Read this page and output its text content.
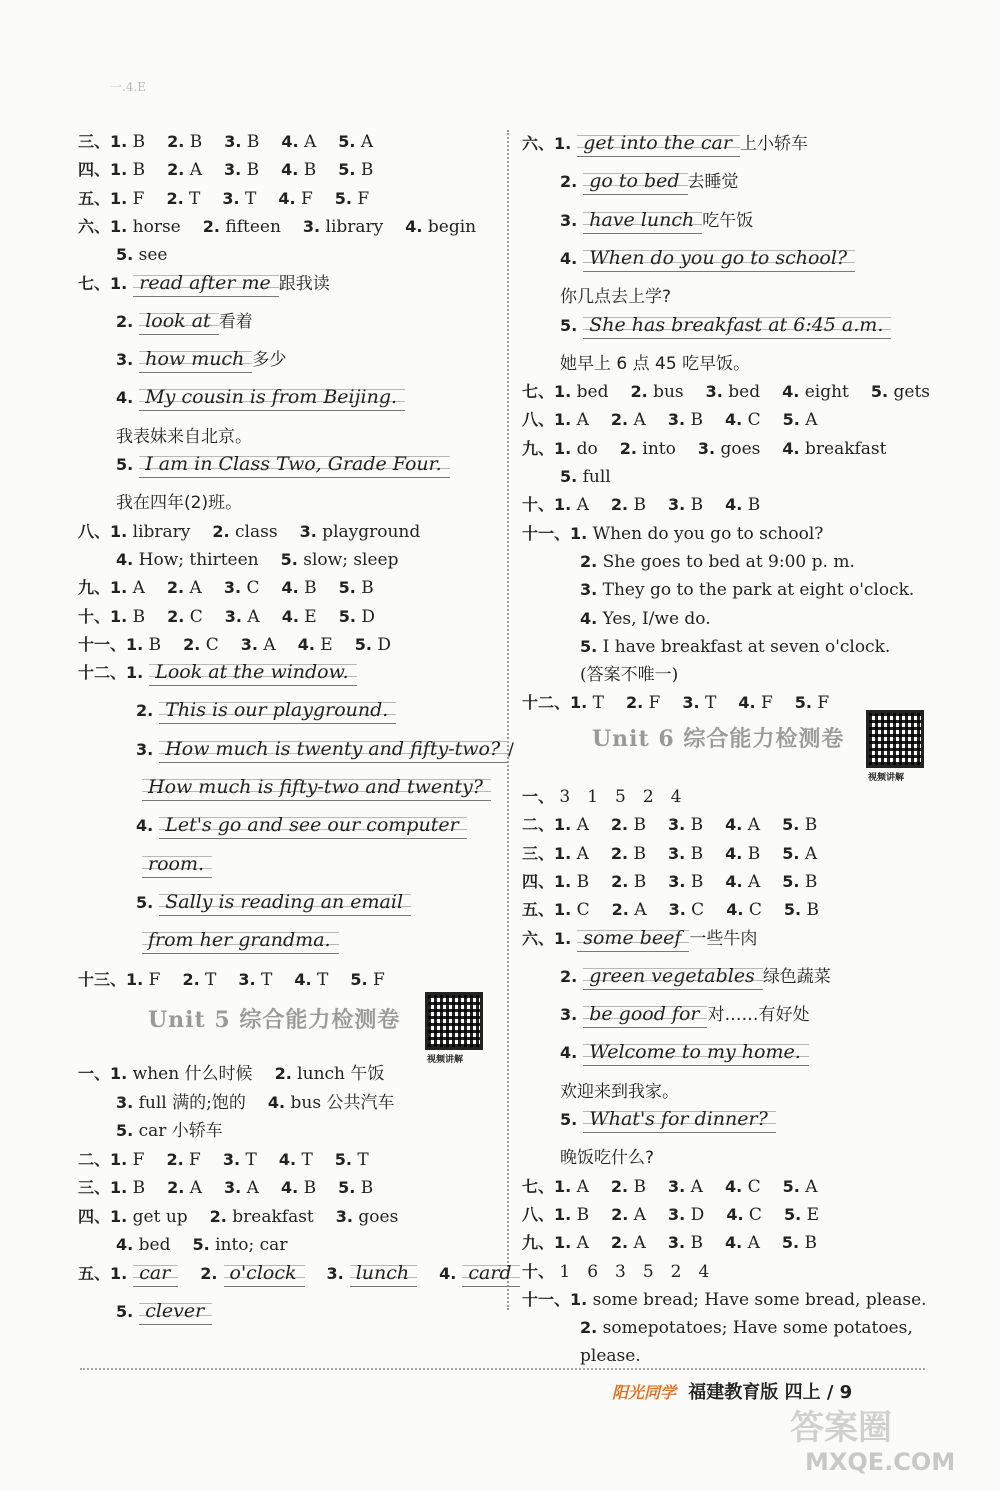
一.4.E
三、1. B 2. B 3. B 4. A 5. A
四、1. B 2. A 3. B 4. B 5. B
五、1. F 2. T 3. T 4. F 5. F
六、1. horse 2. fifteen 3. library 4. begin
5. see
七、1. read after me 跟我读
2. look at 看着
3. how much 多少
4. My cousin is from Beijing.
我表妹来自北京。
5. I am in Class Two, Grade Four.
我在四年(2)班。
八、1. library 2. class 3. playground
4. How; thirteen 5. slow; sleep
九、1. A 2. A 3. C 4. B 5. B
十、1. B 2. C 3. A 4. E 5. D
十一、1. B 2. C 3. A 4. E 5. D
十二、1. Look at the window.
2. This is our playground.
3. How much is twenty and fifty-two? /
How much is fifty-two and twenty?
4. Let's go and see our computer
room.
5. Sally is reading an email
from her grandma.
十三、1. F 2. T 3. T 4. T 5. F
一、1. when 什么时候 2. lunch 午饭
3. full 满的;饱的 4. bus 公共汽车
5. car 小轿车
二、1. F 2. F 3. T 4. T 5. T
三、1. B 2. A 3. A 4. B 5. B
四、1. get up 2. breakfast 3. goes
4. bed 5. into; car
五、1. car 2. o'clock 3. lunch 4. card
5. clever
六、1. get into the car 上小轿车
2. go to bed 去睡觉
3. have lunch 吃午饭
4. When do you go to school?
你几点去上学?
5. She has breakfast at 6:45 a.m.
她早上 6 点 45 吃早饭。
七、1. bed 2. bus 3. bed 4. eight 5. gets
八、1. A 2. A 3. B 4. C 5. A
九、1. do 2. into 3. goes 4. breakfast
5. full
十、1. A 2. B 3. B 4. B
十一、1. When do you go to school?
2. She goes to bed at 9:00 p. m.
3. They go to the park at eight o'clock.
4. Yes, I/we do.
5. I have breakfast at seven o'clock.
(答案不唯一)
十二、1. T 2. F 3. T 4. F 5. F
一、 3　1　5　2　4
二、1. A 2. B 3. B 4. A 5. B
三、1. A 2. B 3. B 4. B 5. A
四、1. B 2. B 3. B 4. A 5. B
五、1. C 2. A 3. C 4. C 5. B
六、1. some beef 一些牛肉
2. green vegetables 绿色蔬菜
3. be good for 对……有好处
4. Welcome to my home.
欢迎来到我家。
5. What's for dinner?
晚饭吃什么?
七、1. A 2. B 3. A 4. C 5. A
八、1. B 2. A 3. D 4. C 5. E
九、1. A 2. A 3. B 4. A 5. B
十、 1　6　3　5　2　4
十一、1. some bread; Have some bread, please.
2. somepotatoes; Have some potatoes,
please.
Unit 5 综合能力检测卷
视频讲解
Unit 6 综合能力检测卷
视频讲解
阳光同学 福建教育版 四上 / 9
答案圈
MXQE.COM
